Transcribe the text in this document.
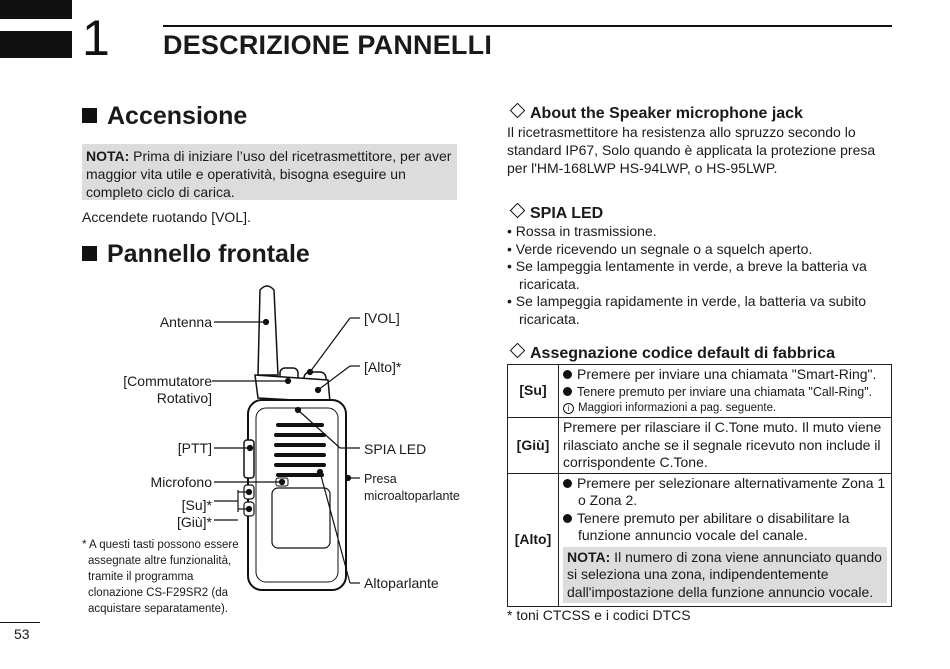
1 DESCRIZIONE PANNELLI
Accensione
NOTA: Prima di iniziare l’uso del ricetrasmettitore, per aver maggior vita utile e operatività, bisogna eseguire un completo ciclo di carica.
Accendete ruotando [VOL].
Pannello frontale
Antenna
[Commutatore
Rotativo]
[PTT]
Microfono
[Su]*
[Giù]*
[VOL]
[Alto]*
SPIA LED
Presa
microaltoparlante
Altoparlante
* A questi tasti possono essere assegnate altre funzionalità, tramite il programma clonazione CS-F29SR2 (da acquistare separatamente).
About the Speaker microphone jack
Il ricetrasmettitore ha resistenza allo spruzzo secondo lo standard IP67, Solo quando è applicata la protezione presa per l'HM-168LWP HS-94LWP, o HS-95LWP.
SPIA LED
• Rossa in trasmissione.
• Verde ricevendo un segnale o a squelch aperto.
• Se lampeggia lentamente in verde, a breve la batteria va ricaricata.
• Se lampeggia rapidamente in verde, la batteria va subito ricaricata.
Assegnazione codice default di fabbrica
[Su]	Premere per inviare una chiamata "Smart-Ring".
Tenere premuto per inviare una chiamata "Call-Ring".
i Maggiori informazioni a pag. seguente.

[Giù]	Premere per rilasciare il C.Tone muto. Il muto viene rilasciato anche se il segnale ricevuto non include il corrispondente C.Tone.
[Alto]	Premere per selezionare alternativamente Zona 1 o Zona 2.
Tenere premuto per abilitare o disabilitare la funzione annuncio vocale del canale.
NOTA: Il numero di zona viene annunciato quando si seleziona una zona, indipendentemente dall'impostazione della funzione annuncio vocale.
* toni CTCSS e i codici DTCS
53
